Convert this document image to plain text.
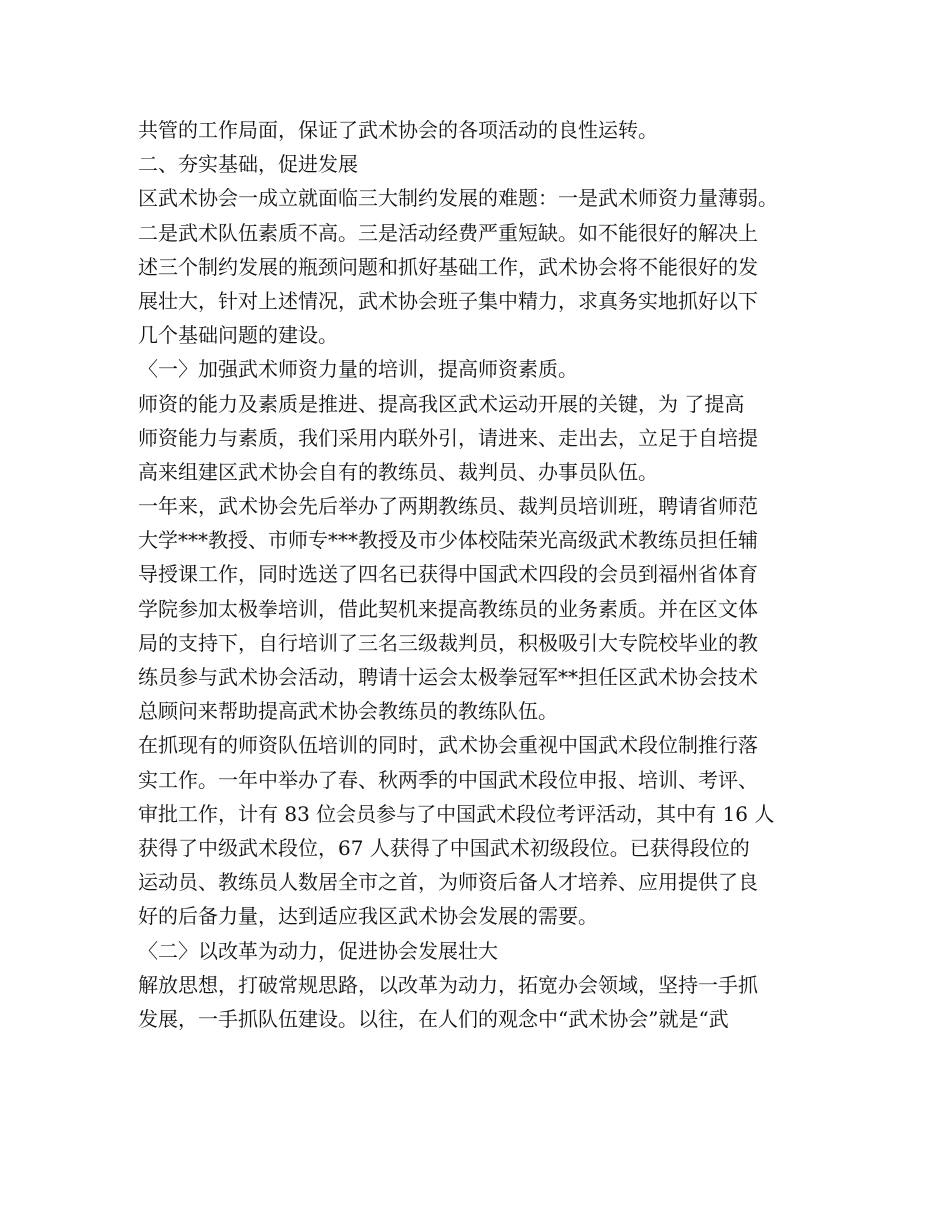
共管的工作局面，保证了武术协会的各项活动的良性运转。
二、夯实基础，促进发展
区武术协会一成立就面临三大制约发展的难题：一是武术师资力量薄弱。
二是武术队伍素质不高。三是活动经费严重短缺。如不能很好的解决上
述三个制约发展的瓶颈问题和抓好基础工作，武术协会将不能很好的发
展壮大，针对上述情况，武术协会班子集中精力，求真务实地抓好以下
几个基础问题的建设。
〈一〉加强武术师资力量的培训，提高师资素质。
师资的能力及素质是推进、提高我区武术运动开展的关键，为 了提高
师资能力与素质，我们采用内联外引，请进来、走出去，立足于自培提
高来组建区武术协会自有的教练员、裁判员、办事员队伍。
一年来，武术协会先后举办了两期教练员、裁判员培训班，聘请省师范
大学***教授、市师专***教授及市少体校陆荣光高级武术教练员担任辅
导授课工作，同时选送了四名已获得中国武术四段的会员到福州省体育
学院参加太极拳培训，借此契机来提高教练员的业务素质。并在区文体
局的支持下，自行培训了三名三级裁判员，积极吸引大专院校毕业的教
练员参与武术协会活动，聘请十运会太极拳冠军**担任区武术协会技术
总顾问来帮助提高武术协会教练员的教练队伍。
在抓现有的师资队伍培训的同时，武术协会重视中国武术段位制推行落
实工作。一年中举办了春、秋两季的中国武术段位申报、培训、考评、
审批工作，计有 83 位会员参与了中国武术段位考评活动，其中有 16 人
获得了中级武术段位，67 人获得了中国武术初级段位。已获得段位的
运动员、教练员人数居全市之首，为师资后备人才培养、应用提供了良
好的后备力量，达到适应我区武术协会发展的需要。
〈二〉以改革为动力，促进协会发展壮大
解放思想，打破常规思路，以改革为动力，拓宽办会领域，坚持一手抓
发展，一手抓队伍建设。以往，在人们的观念中“武术协会”就是“武
